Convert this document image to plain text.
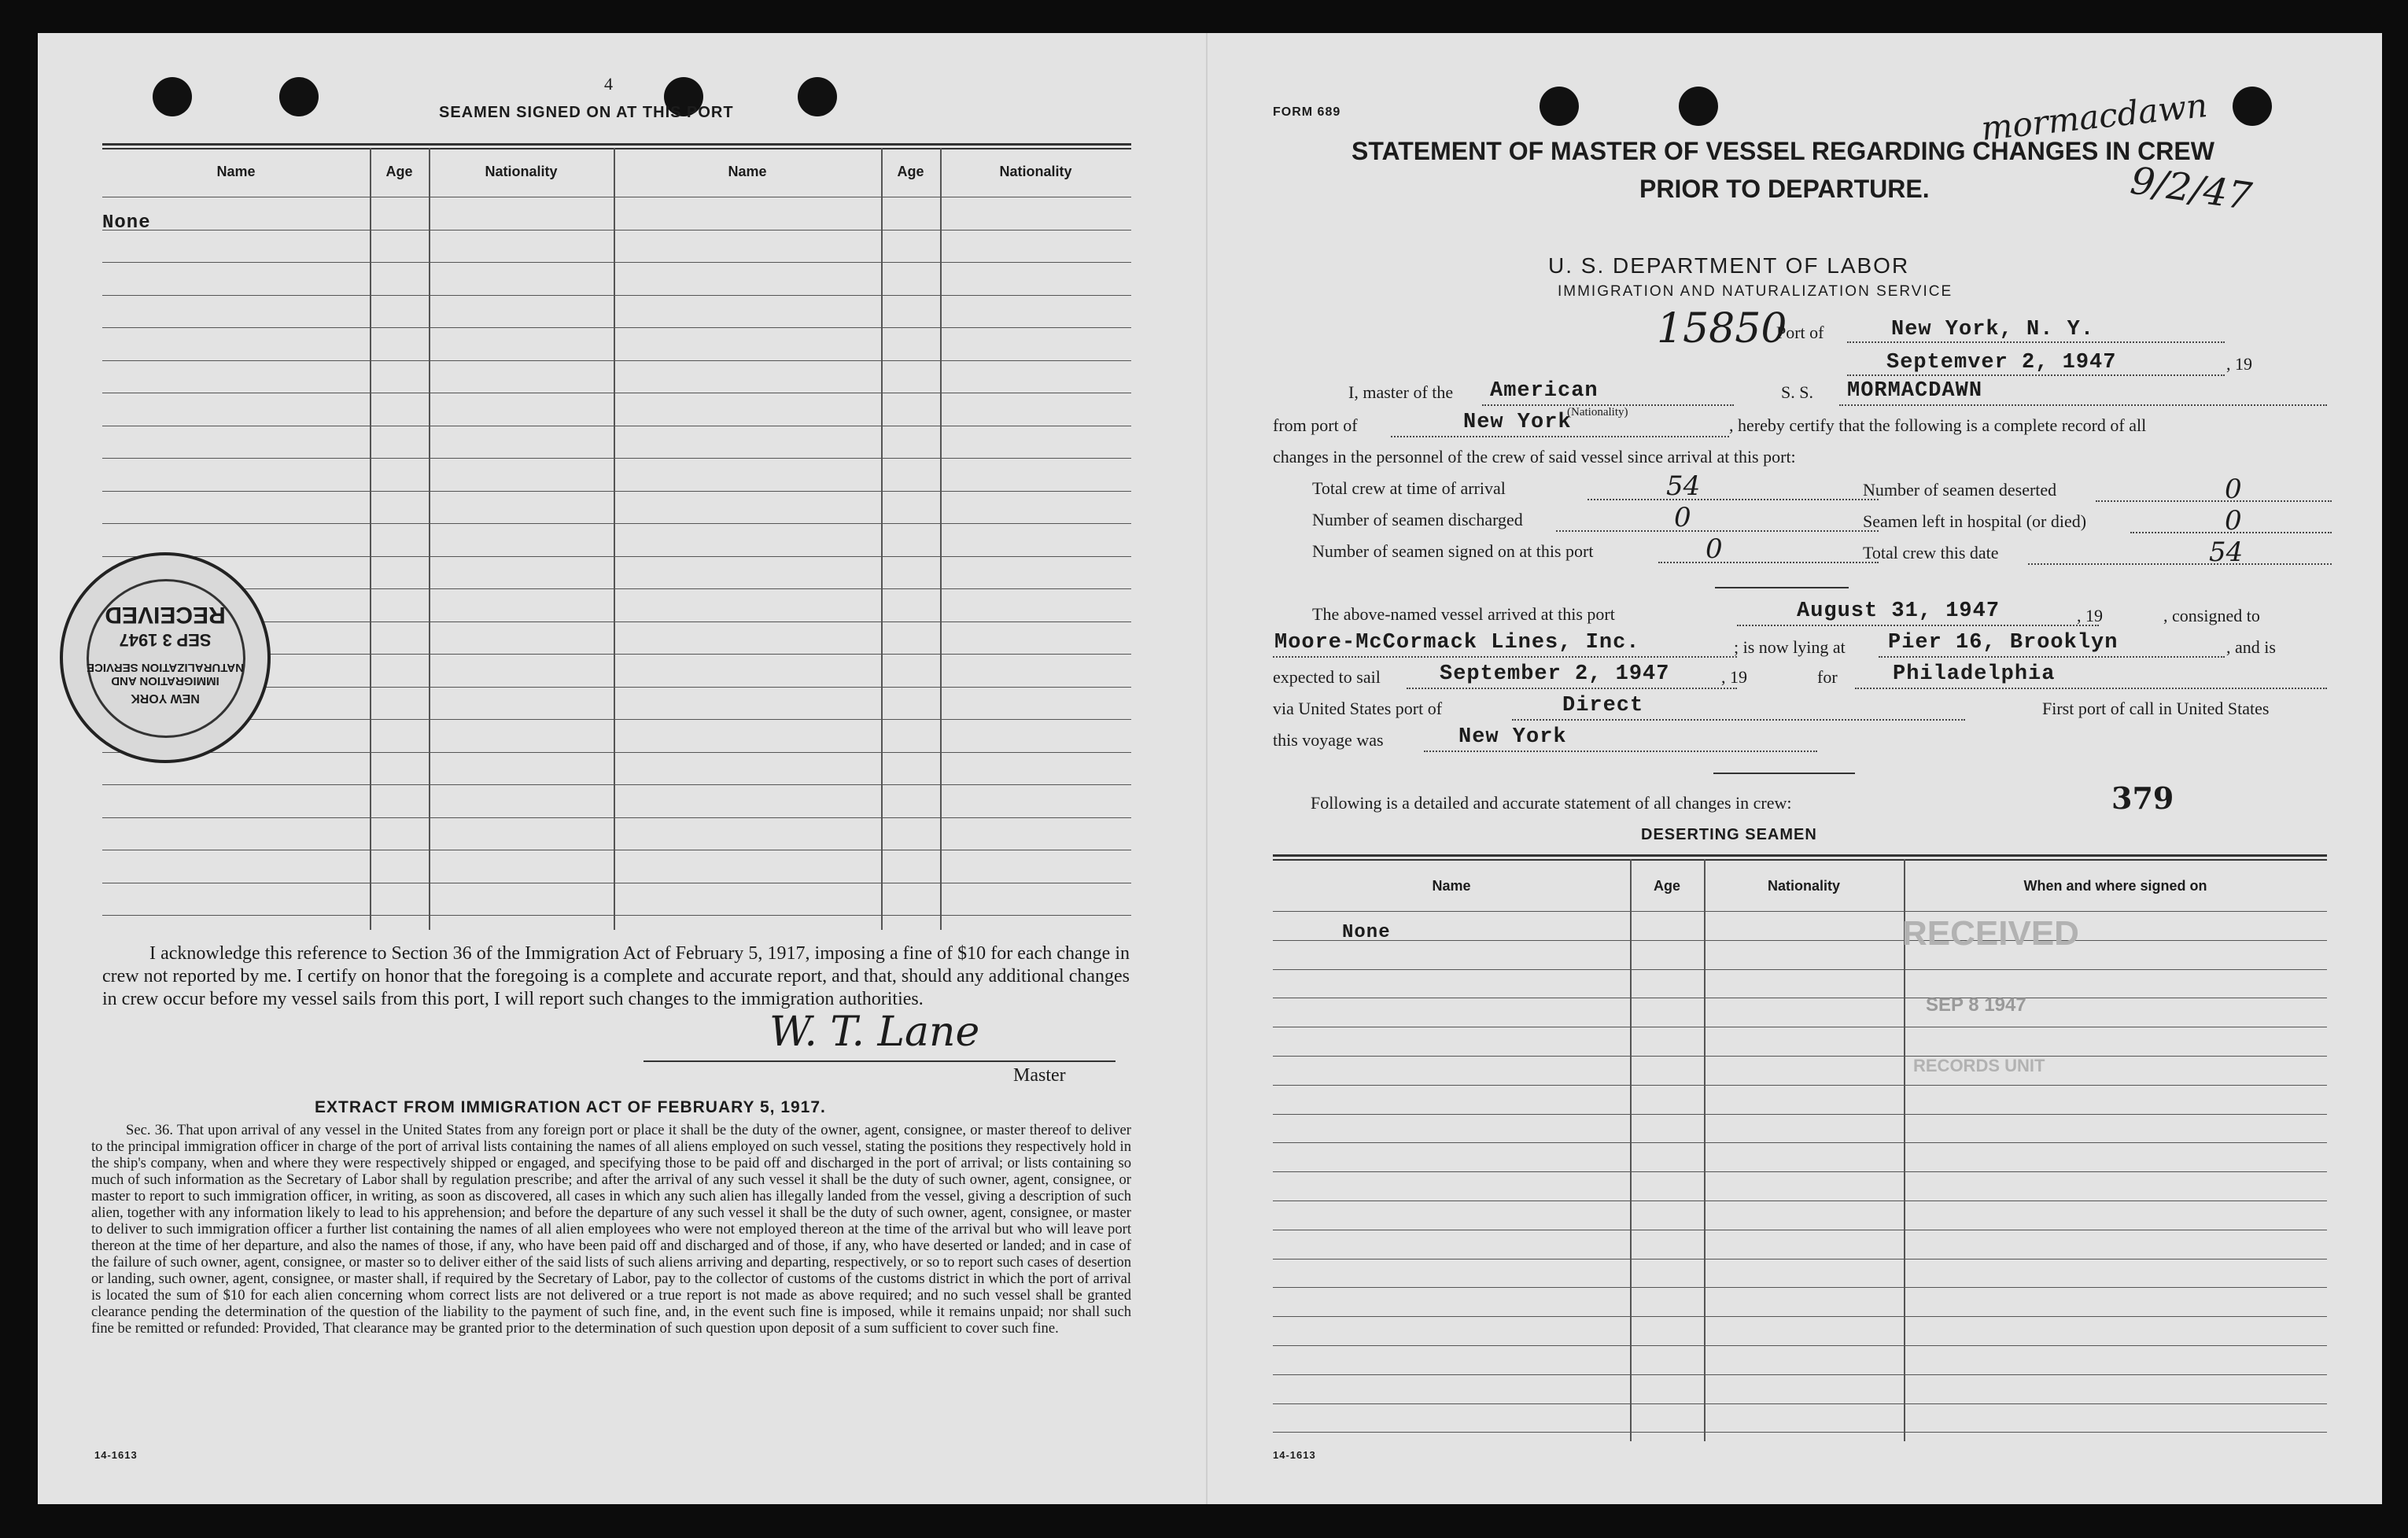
4
SEAMEN SIGNED ON AT THIS PORT
Name	Age	Nationality	Name	Age	Nationality
None
NEW YORK
IMMIGRATION AND NATURALIZATION SERVICE
SEP 3 1947
RECEIVED
I acknowledge this reference to Section 36 of the Immigration Act of February 5, 1917, imposing a fine of $10 for each change in crew not reported by me. I certify on honor that the foregoing is a complete and accurate report, and that, should any additional changes in crew occur before my vessel sails from this port, I will report such changes to the immigration authorities.
W. T. Lane
Master
EXTRACT FROM IMMIGRATION ACT OF FEBRUARY 5, 1917.
Sec. 36. That upon arrival of any vessel in the United States from any foreign port or place it shall be the duty of the owner, agent, consignee, or master thereof to deliver to the principal immigration officer in charge of the port of arrival lists containing the names of all aliens employed on such vessel, stating the positions they respectively hold in the ship's company, when and where they were respectively shipped or engaged, and specifying those to be paid off and discharged in the port of arrival; or lists containing so much of such information as the Secretary of Labor shall by regulation prescribe; and after the arrival of any such vessel it shall be the duty of such owner, agent, consignee, or master to report to such immigration officer, in writing, as soon as discovered, all cases in which any such alien has illegally landed from the vessel, giving a description of such alien, together with any information likely to lead to his apprehension; and before the departure of any such vessel it shall be the duty of such owner, agent, consignee, or master to deliver to such immigration officer a further list containing the names of all alien employees who were not employed thereon at the time of the arrival but who will leave port thereon at the time of her departure, and also the names of those, if any, who have been paid off and discharged and of those, if any, who have deserted or landed; and in case of the failure of such owner, agent, consignee, or master so to deliver either of the said lists of such aliens arriving and departing, respectively, or so to report such cases of desertion or landing, such owner, agent, consignee, or master shall, if required by the Secretary of Labor, pay to the collector of customs of the customs district in which the port of arrival is located the sum of $10 for each alien concerning whom correct lists are not delivered or a true report is not made as above required; and no such vessel shall be granted clearance pending the determination of the question of the liability to the payment of such fine, and, in the event such fine is imposed, while it remains unpaid; nor shall such fine be remitted or refunded: Provided, That clearance may be granted prior to the determination of such question upon deposit of a sum sufficient to cover such fine.
14-1613
FORM 689
STATEMENT OF MASTER OF VESSEL REGARDING CHANGES IN CREW
PRIOR TO DEPARTURE.
mormacdawn
9/2/47
U. S. DEPARTMENT OF LABOR
IMMIGRATION AND NATURALIZATION SERVICE
15850
Port of	New York, N. Y.
Septemver 2, 1947	, 19
I, master of the American
(Nationality)
S. S. MORMACDAWN
from port of	New York	, hereby certify that the following is a complete record of all
changes in the personnel of the crew of said vessel since arrival at this port:
Total crew at time of arrival	54	Number of seamen deserted	0
Number of seamen discharged	0	Seamen left in hospital (or died)	0
Number of seamen signed on at this port	0	Total crew this date	54
The above-named vessel arrived at this port	August 31, 1947	, 19	, consigned to
Moore-McCormack Lines, Inc.	; is now lying at Pier 16, Brooklyn	, and is
expected to sail	September 2, 1947	, 19	for	Philadelphia
via United States port of	Direct	First port of call in United States
this voyage was	New York
Following is a detailed and accurate statement of all changes in crew:	379
DESERTING SEAMEN
Name	Age	Nationality	When and where signed on
None	RECEIVED
SEP 8 1947
RECORDS UNIT
14-1613
